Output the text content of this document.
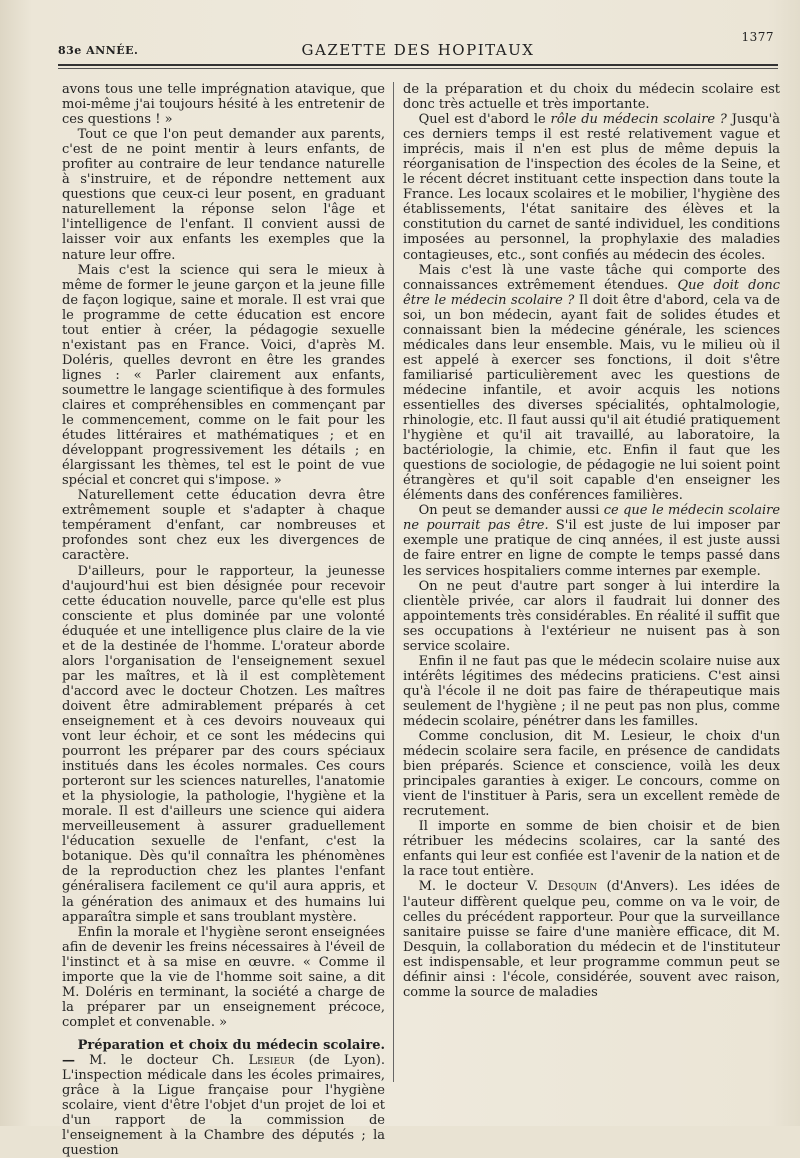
83e ANNÉE.	GAZETTE DES HOPITAUX
1377

avons tous une telle imprégnation atavique, que moi-même j'ai toujours hésité à les entretenir de ces questions ! »

Tout ce que l'on peut demander aux parents, c'est de ne point mentir à leurs enfants, de profiter au contraire de leur tendance naturelle à s'instruire, et de répondre nettement aux questions que ceux-ci leur posent, en graduant naturellement la réponse selon l'âge et l'intelligence de l'enfant. Il convient aussi de laisser voir aux enfants les exemples que la nature leur offre.

Mais c'est la science qui sera le mieux à même de former le jeune garçon et la jeune fille de façon logique, saine et morale. Il est vrai que le programme de cette éducation est encore tout entier à créer, la pédagogie sexuelle n'existant pas en France. Voici, d'après M. Doléris, quelles devront en être les grandes lignes : « Parler clairement aux enfants, soumettre le langage scientifique à des formules claires et compréhensibles en commençant par le commencement, comme on le fait pour les études littéraires et mathématiques ; et en développant progressivement les détails ; en élargissant les thèmes, tel est le point de vue spécial et concret qui s'impose. »

Naturellement cette éducation devra être extrêmement souple et s'adapter à chaque tempérament d'enfant, car nombreuses et profondes sont chez eux les divergences de caractère.

D'ailleurs, pour le rapporteur, la jeunesse d'aujourd'hui est bien désignée pour recevoir cette éducation nouvelle, parce qu'elle est plus consciente et plus dominée par une volonté éduquée et une intelligence plus claire de la vie et de la destinée de l'homme. L'orateur aborde alors l'organisation de l'enseignement sexuel par les maîtres, et là il est complètement d'accord avec le docteur Chotzen. Les maîtres doivent être admirablement préparés à cet enseignement et à ces devoirs nouveaux qui vont leur échoir, et ce sont les médecins qui pourront les préparer par des cours spéciaux institués dans les écoles normales. Ces cours porteront sur les sciences naturelles, l'anatomie et la physiologie, la pathologie, l'hygiène et la morale. Il est d'ailleurs une science qui aidera merveilleusement à assurer graduellement l'éducation sexuelle de l'enfant, c'est la botanique. Dès qu'il connaîtra les phénomènes de la reproduction chez les plantes l'enfant généralisera facilement ce qu'il aura appris, et la génération des animaux et des humains lui apparaîtra simple et sans troublant mystère.

Enfin la morale et l'hygiène seront enseignées afin de devenir les freins nécessaires à l'éveil de l'instinct et à sa mise en œuvre. « Comme il importe que la vie de l'homme soit saine, a dit M. Doléris en terminant, la société a charge de la préparer par un enseignement précoce, complet et convenable. »

Préparation et choix du médecin scolaire. — M. le docteur Ch. Lesieur (de Lyon). L'inspection médicale dans les écoles primaires, grâce à la Ligue française pour l'hygiène scolaire, vient d'être l'objet d'un projet de loi et d'un rapport de la commission de l'enseignement à la Chambre des députés ; la question

de la préparation et du choix du médecin scolaire est donc très actuelle et très importante.

Quel est d'abord le rôle du médecin scolaire ? Jusqu'à ces derniers temps il est resté relativement vague et imprécis, mais il n'en est plus de même depuis la réorganisation de l'inspection des écoles de la Seine, et le récent décret instituant cette inspection dans toute la France. Les locaux scolaires et le mobilier, l'hygiène des établissements, l'état sanitaire des élèves et la constitution du carnet de santé individuel, les conditions imposées au personnel, la prophylaxie des maladies contagieuses, etc., sont confiés au médecin des écoles.

Mais c'est là une vaste tâche qui comporte des connaissances extrêmement étendues. Que doit donc être le médecin scolaire ? Il doit être d'abord, cela va de soi, un bon médecin, ayant fait de solides études et connaissant bien la médecine générale, les sciences médicales dans leur ensemble. Mais, vu le milieu où il est appelé à exercer ses fonctions, il doit s'être familiarisé particulièrement avec les questions de médecine infantile, et avoir acquis les notions essentielles des diverses spécialités, ophtalmologie, rhinologie, etc. Il faut aussi qu'il ait étudié pratiquement l'hygiène et qu'il ait travaillé, au laboratoire, la bactériologie, la chimie, etc. Enfin il faut que les questions de sociologie, de pédagogie ne lui soient point étrangères et qu'il soit capable d'en enseigner les éléments dans des conférences familières.

On peut se demander aussi ce que le médecin scolaire ne pourrait pas être. S'il est juste de lui imposer par exemple une pratique de cinq années, il est juste aussi de faire entrer en ligne de compte le temps passé dans les services hospitaliers comme internes par exemple.

On ne peut d'autre part songer à lui interdire la clientèle privée, car alors il faudrait lui donner des appointements très considérables. En réalité il suffit que ses occupations à l'extérieur ne nuisent pas à son service scolaire.

Enfin il ne faut pas que le médecin scolaire nuise aux intérêts légitimes des médecins praticiens. C'est ainsi qu'à l'école il ne doit pas faire de thérapeutique mais seulement de l'hygiène ; il ne peut pas non plus, comme médecin scolaire, pénétrer dans les familles.

Comme conclusion, dit M. Lesieur, le choix d'un médecin scolaire sera facile, en présence de candidats bien préparés. Science et conscience, voilà les deux principales garanties à exiger. Le concours, comme on vient de l'instituer à Paris, sera un excellent remède de recrutement.

Il importe en somme de bien choisir et de bien rétribuer les médecins scolaires, car la santé des enfants qui leur est confiée est l'avenir de la nation et de la race tout entière.

M. le docteur V. Desquin (d'Anvers). Les idées de l'auteur diffèrent quelque peu, comme on va le voir, de celles du précédent rapporteur. Pour que la surveillance sanitaire puisse se faire d'une manière efficace, dit M. Desquin, la collaboration du médecin et de l'instituteur est indispensable, et leur programme commun peut se définir ainsi : l'école, considérée, souvent avec raison, comme la source de maladies
